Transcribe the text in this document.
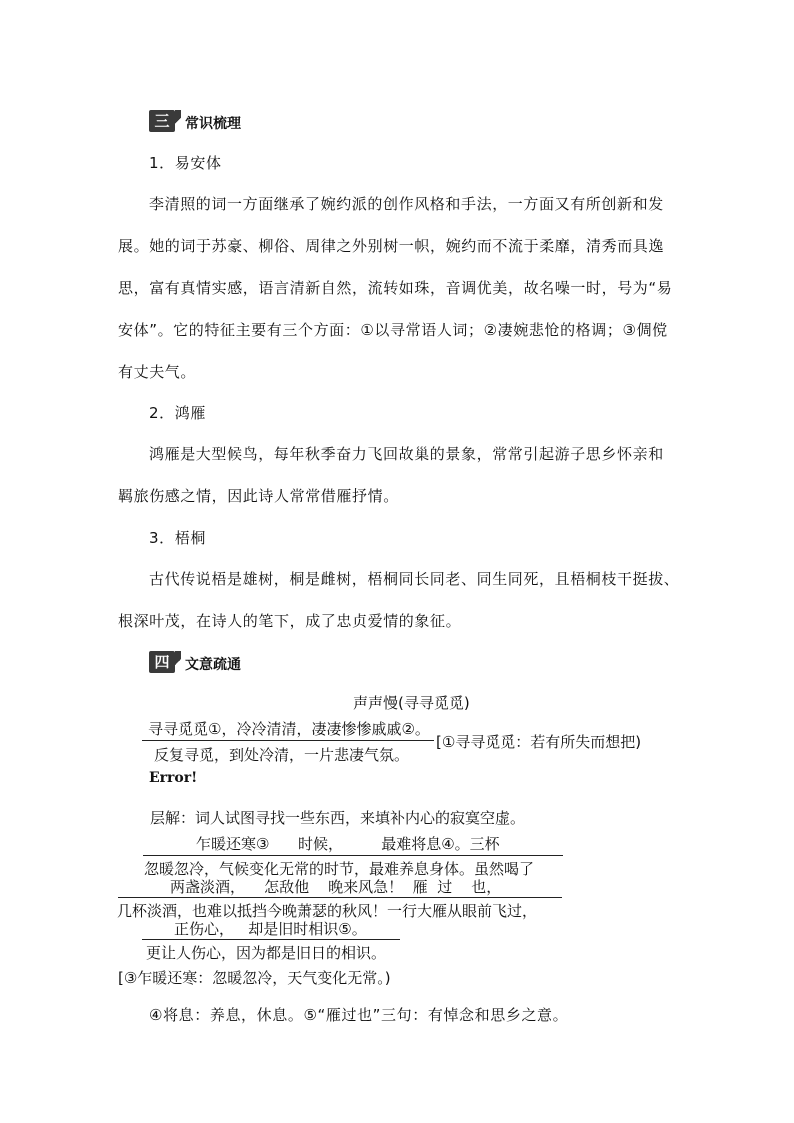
三	常识梳理
1．易安体
李清照的词一方面继承了婉约派的创作风格和手法，一方面又有所创新和发
展。她的词于苏豪、柳俗、周律之外别树一帜，婉约而不流于柔靡，清秀而具逸
思，富有真情实感，语言清新自然，流转如珠，音调优美，故名噪一时，号为“易
安体”。它的特征主要有三个方面：①以寻常语人词；②凄婉悲怆的格调；③倜傥
有丈夫气。
2．鸿雁
鸿雁是大型候鸟，每年秋季奋力飞回故巢的景象，常常引起游子思乡怀亲和
羁旅伤感之情，因此诗人常常借雁抒情。
3．梧桐
古代传说梧是雄树，桐是雌树，梧桐同长同老、同生同死，且梧桐枝干挺拔、
根深叶茂，在诗人的笔下，成了忠贞爱情的象征。
四	文意疏通
声声慢(寻寻觅觅)
寻寻觅觅①，冷冷清清，凄凄惨惨戚戚②。
反复寻觅，到处冷清，一片悲凄气氛。
[①寻寻觅觅：若有所失而想把)
Error!
层解：词人试图寻找一些东西，来填补内心的寂寞空虚。
乍暖还寒③      时候，        最难将息④。三杯
忽暖忽冷，气候变化无常的时节，最难养息身体。虽然喝了
两盏淡酒，    怎敌他    晚来风急！  雁  过    也，
几杯淡酒，也难以抵挡今晚萧瑟的秋风！一行大雁从眼前飞过，
正伤心，   却是旧时相识⑤。
更让人伤心，因为都是旧日的相识。
[③乍暖还寒：忽暖忽冷，天气变化无常。)
④将息：养息，休息。⑤“雁过也”三句：有悼念和思乡之意。
